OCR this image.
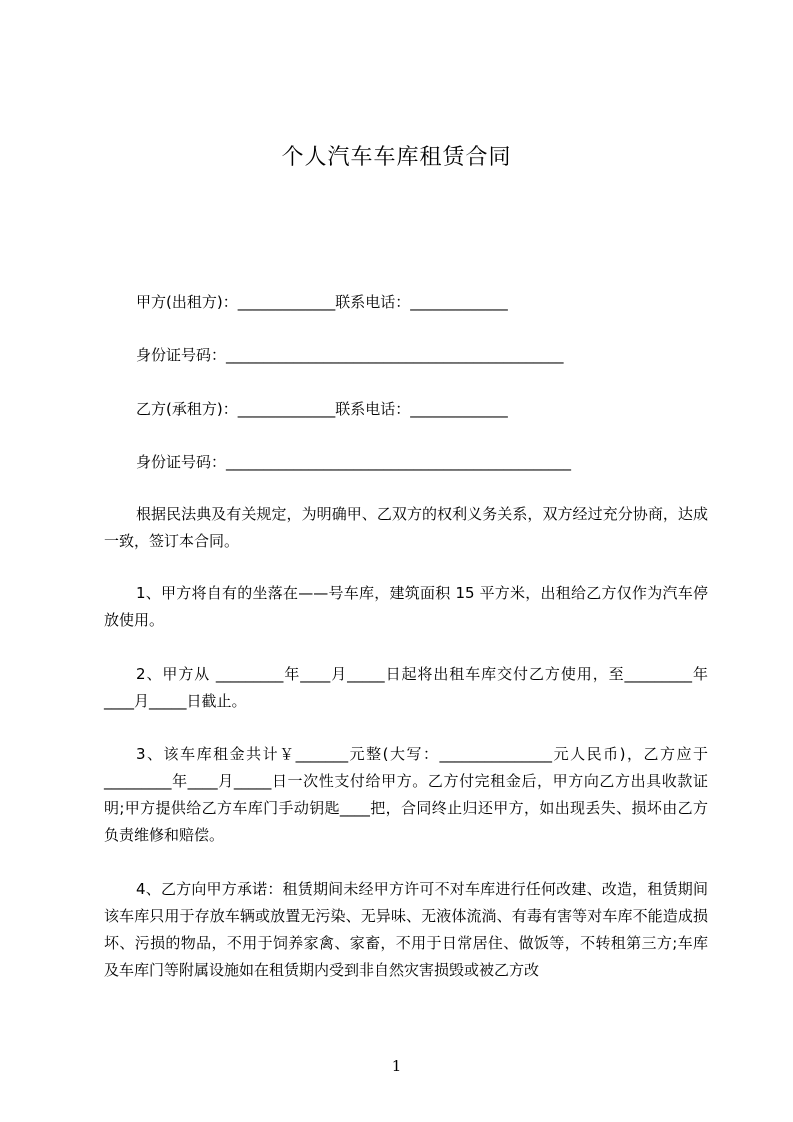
个人汽车车库租赁合同
甲方(出租方)：_____________联系电话：_____________
身份证号码：_____________________________________________
乙方(承租方)：_____________联系电话：_____________
身份证号码：______________________________________________
根据民法典及有关规定，为明确甲、乙双方的权利义务关系，双方经过充分协商，达成一致，签订本合同。
1、甲方将自有的坐落在——号车库，建筑面积 15 平方米，出租给乙方仅作为汽车停放使用。
2、甲方从 _________年____月_____日起将出租车库交付乙方使用，至_________年____月_____日截止。
3、该车库租金共计￥_______元整(大写：_______________元人民币)，乙方应于_________年____月_____日一次性支付给甲方。乙方付完租金后，甲方向乙方出具收款证明;甲方提供给乙方车库门手动钥匙____把，合同终止归还甲方，如出现丢失、损坏由乙方负责维修和赔偿。
4、乙方向甲方承诺：租赁期间未经甲方许可不对车库进行任何改建、改造，租赁期间该车库只用于存放车辆或放置无污染、无异味、无液体流淌、有毒有害等对车库不能造成损坏、污损的物品，不用于饲养家禽、家畜，不用于日常居住、做饭等，不转租第三方;车库及车库门等附属设施如在租赁期内受到非自然灾害损毁或被乙方改
1
